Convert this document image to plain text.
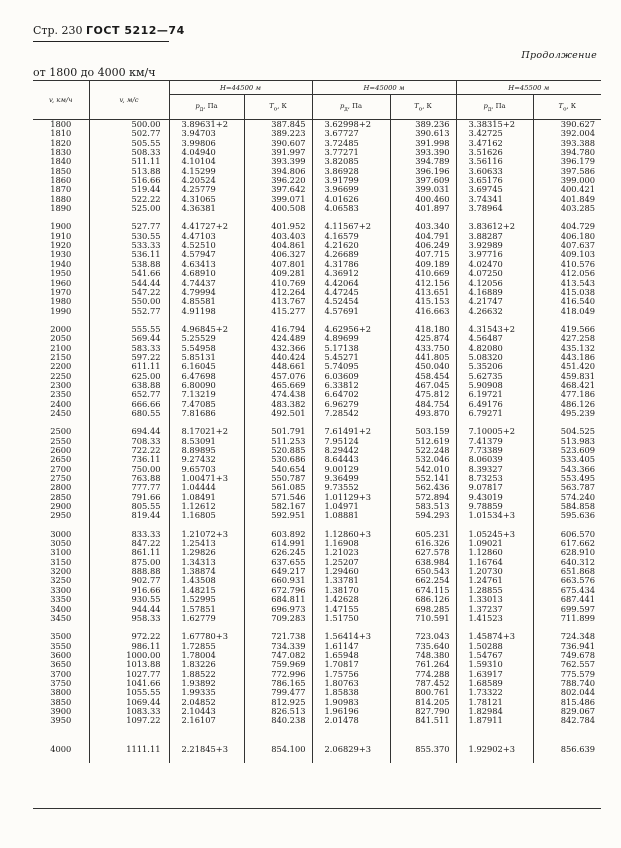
Стр. 230 ГОСТ 5212—74
Продолжение
от 1800 до 4000 км/ч
v, км/ч	v, м/с	H=44500 м		H=45000 м		H=45500 м	
		$p_д$, Па	$T_о$, К	$p_д$, Па	$T_о$, К	$p_д$, Па	$T_о$, К
1800	500.00	3.89631+2	387.845	3.62998+2	389.236	3.38315+2	390.627
1810	502.77	3.94703	389.223	3.67727	390.613	3.42725	392.004
1820	505.55	3.99806	390.607	3.72485	391.998	3.47162	393.388
1830	508.33	4.04940	391.997	3.77271	393.390	3.51626	394.780
1840	511.11	4.10104	393.399	3.82085	394.789	3.56116	396.179
1850	513.88	4.15299	394.806	3.86928	396.196	3.60633	397.586
1860	516.66	4.20524	396.220	3.91799	397.609	3.65176	399.000
1870	519.44	4.25779	397.642	3.96699	399.031	3.69745	400.421
1880	522.22	4.31065	399.071	4.01626	400.460	3.74341	401.849
1890	525.00	4.36381	400.508	4.06583	401.897	3.78964	403.285

1900	527.77	4.41727+2	401.952	4.11567+2	403.340	3.83612+2	404.729
1910	530.55	4.47103	403.403	4.16579	404.791	3.88287	406.180
1920	533.33	4.52510	404.861	4.21620	406.249	3.92989	407.637
1930	536.11	4.57947	406.327	4.26689	407.715	3.97716	409.103
1940	538.88	4.63413	407.801	4.31786	409.189	4.02470	410.576
1950	541.66	4.68910	409.281	4.36912	410.669	4.07250	412.056
1960	544.44	4.74437	410.769	4.42064	412.156	4.12056	413.543
1970	547.22	4.79994	412.264	4.47245	413.651	4.16889	415.038
1980	550.00	4.85581	413.767	4.52454	415.153	4.21747	416.540
1990	552.77	4.91198	415.277	4.57691	416.663	4.26632	418.049

2000	555.55	4.96845+2	416.794	4.62956+2	418.180	4.31543+2	419.566
2050	569.44	5.25529	424.489	4.89699	425.874	4.56487	427.258
2100	583.33	5.54958	432.366	5.17138	433.750	4.82080	435.132
2150	597.22	5.85131	440.424	5.45271	441.805	5.08320	443.186
2200	611.11	6.16045	448.661	5.74095	450.040	5.35206	451.420
2250	625.00	6.47698	457.076	6.03609	458.454	5.62735	459.831
2300	638.88	6.80090	465.669	6.33812	467.045	5.90908	468.421
2350	652.77	7.13219	474.438	6.64702	475.812	6.19721	477.186
2400	666.66	7.47085	483.382	6.96279	484.754	6.49176	486.126
2450	680.55	7.81686	492.501	7.28542	493.870	6.79271	495.239

2500	694.44	8.17021+2	501.791	7.61491+2	503.159	7.10005+2	504.525
2550	708.33	8.53091	511.253	7.95124	512.619	7.41379	513.983
2600	722.22	8.89895	520.885	8.29442	522.248	7.73389	523.609
2650	736.11	9.27432	530.686	8.64443	532.046	8.06039	533.405
2700	750.00	9.65703	540.654	9.00129	542.010	8.39327	543.366
2750	763.88	1.00471+3	550.787	9.36499	552.141	8.73253	553.495
2800	777.77	1.04444	561.085	9.73552	562.436	9.07817	563.787
2850	791.66	1.08491	571.546	1.01129+3	572.894	9.43019	574.240
2900	805.55	1.12612	582.167	1.04971	583.513	9.78859	584.858
2950	819.44	1.16805	592.951	1.08881	594.293	1.01534+3	595.636

3000	833.33	1.21072+3	603.892	1.12860+3	605.231	1.05245+3	606.570
3050	847.22	1.25413	614.991	1.16908	616.326	1.09021	617.662
3100	861.11	1.29826	626.245	1.21023	627.578	1.12860	628.910
3150	875.00	1.34313	637.655	1.25207	638.984	1.16764	640.312
3200	888.88	1.38874	649.217	1.29460	650.543	1.20730	651.868
3250	902.77	1.43508	660.931	1.33781	662.254	1.24761	663.576
3300	916.66	1.48215	672.796	1.38170	674.115	1.28855	675.434
3350	930.55	1.52995	684.811	1.42628	686.126	1.33013	687.441
3400	944.44	1.57851	696.973	1.47155	698.285	1.37237	699.597
3450	958.33	1.62779	709.283	1.51750	710.591	1.41523	711.899

3500	972.22	1.67780+3	721.738	1.56414+3	723.043	1.45874+3	724.348
3550	986.11	1.72855	734.339	1.61147	735.640	1.50288	736.941
3600	1000.00	1.78004	747.082	1.65948	748.380	1.54767	749.678
3650	1013.88	1.83226	759.969	1.70817	761.264	1.59310	762.557
3700	1027.77	1.88522	772.996	1.75756	774.288	1.63917	775.579
3750	1041.66	1.93892	786.165	1.80763	787.452	1.68589	788.740
3800	1055.55	1.99335	799.477	1.85838	800.761	1.73322	802.044
3850	1069.44	2.04852	812.925	1.90983	814.205	1.78121	815.486
3900	1083.33	2.10443	826.513	1.96196	827.790	1.82984	829.067
3950	1097.22	2.16107	840.238	2.01478	841.511	1.87911	842.784

4000	1111.11	2.21845+3	854.100	2.06829+3	855.370	1.92902+3	856.639
